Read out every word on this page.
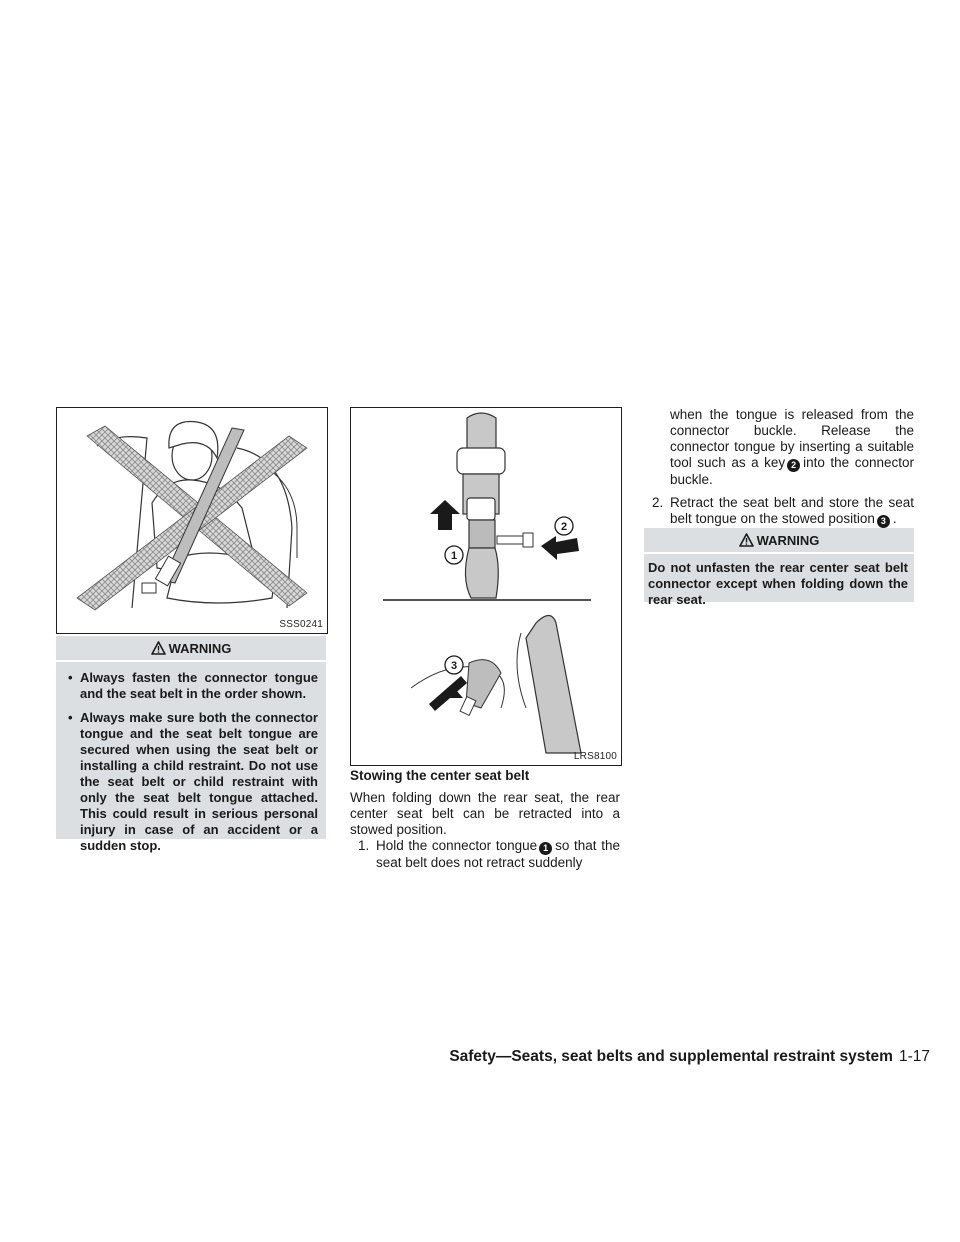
SSS0241
WARNING
• Always fasten the connector tongue and the seat belt in the order shown.
• Always make sure both the connector tongue and the seat belt tongue are secured when using the seat belt or installing a child restraint. Do not use the seat belt or child restraint with only the seat belt tongue attached. This could result in serious personal injury in case of an accident or a sudden stop.
1
2
3
LRS8100
Stowing the center seat belt
When folding down the rear seat, the rear center seat belt can be retracted into a stowed position.
1. Hold the connector tongue 1 so that the seat belt does not retract suddenly
when the tongue is released from the connector buckle. Release the connector tongue by inserting a suitable tool such as a key 2 into the connector buckle.
2. Retract the seat belt and store the seat belt tongue on the stowed position 3 .
WARNING
Do not unfasten the rear center seat belt connector except when folding down the rear seat.
Safety—Seats, seat belts and supplemental restraint system 1-17
